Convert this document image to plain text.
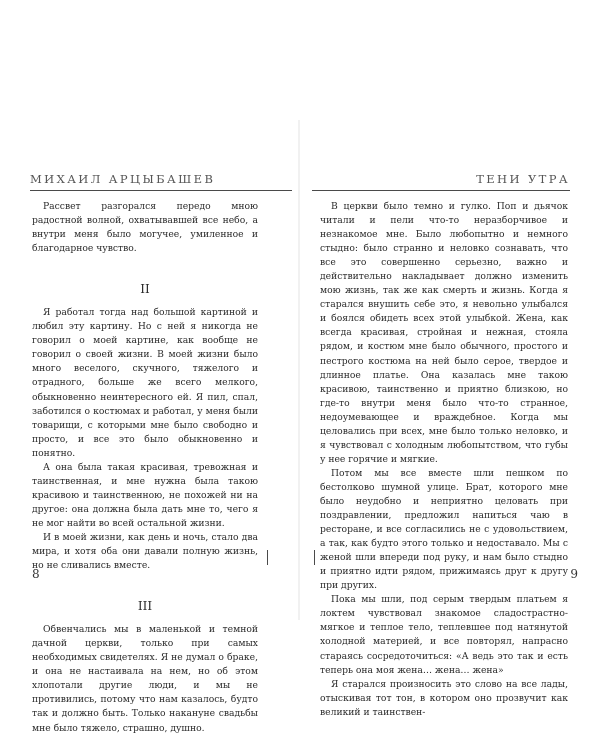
МИХАИЛ АРЦЫБАШЕВ

Рассвет разгорался передо мною радостной волной, охватывавшей все небо, а внутри меня было могучее, умиленное и благодарное чувство.

II

Я работал тогда над большой картиной и любил эту картину. Но с ней я никогда не говорил о моей картине, как вообще не говорил о своей жизни. В моей жизни было много веселого, скучного, тяжелого и отрадного, больше же всего мелкого, обыкновенно неинтересного ей. Я пил, спал, заботился о костюмах и работал, у меня были товарищи, с которыми мне было свободно и просто, и все это было обыкновенно и понятно.

А она была такая красивая, тревожная и таинственная, и мне нужна была такою красивою и таинственною, не похожей ни на другое: она должна была дать мне то, чего я не мог найти во всей остальной жизни.

И в моей жизни, как день и ночь, стало два мира, и хотя оба они давали полную жизнь, но не сливались вместе.

III

Обвенчались мы в маленькой и темной дачной церкви, только при самых необходимых свидетелях. Я не думал о браке, и она не настаивала на нем, но об этом хлопотали другие люди, и мы не противились, потому что нам казалось, будто так и должно быть. Только накануне свадьбы мне было тяжело, страшно, душно.

8
ТЕНИ УТРА

В церкви было темно и гулко. Поп и дьячок читали и пели что-то неразборчивое и незнакомое мне. Было любопытно и немного стыдно: было странно и неловко сознавать, что все это совершенно серьезно, важно и действительно накладывает должно изменить мою жизнь, так же как смерть и жизнь. Когда я старался внушить себе это, я невольно улыбался и боялся обидеть всех этой улыбкой. Жена, как всегда красивая, стройная и нежная, стояла рядом, и костюм мне было обычного, простого и пестрого костюма на ней было серое, твердое и длинное платье. Она казалась мне такою красивою, таинственно и приятно близкою, но где-то внутри меня было что-то странное, недоумевающее и враждебное. Когда мы целовались при всех, мне было только неловко, и я чувствовал с холодным любопытством, что губы у нее горячие и мягкие.

Потом мы все вместе шли пешком по бестолково шумной улице. Брат, которого мне было неудобно и неприятно целовать при поздравлении, предложил напиться чаю в ресторане, и все согласились не с удовольствием, а так, как будто этого только и недоставало. Мы с женой шли впереди под руку, и нам было стыдно и приятно идти рядом, прижимаясь друг к другу при других.

Пока мы шли, под серым твердым платьем я локтем чувствовал знакомое сладострастно-мягкое и теплое тело, теплевшее под натянутой холодной материей, и все повторял, напрасно стараясь сосредоточиться: «А ведь это так и есть теперь она моя жена… жена… жена»

Я старался произносить это слово на все лады, отыскивая тот тон, в котором оно прозвучит как великий и таинствен-

9
